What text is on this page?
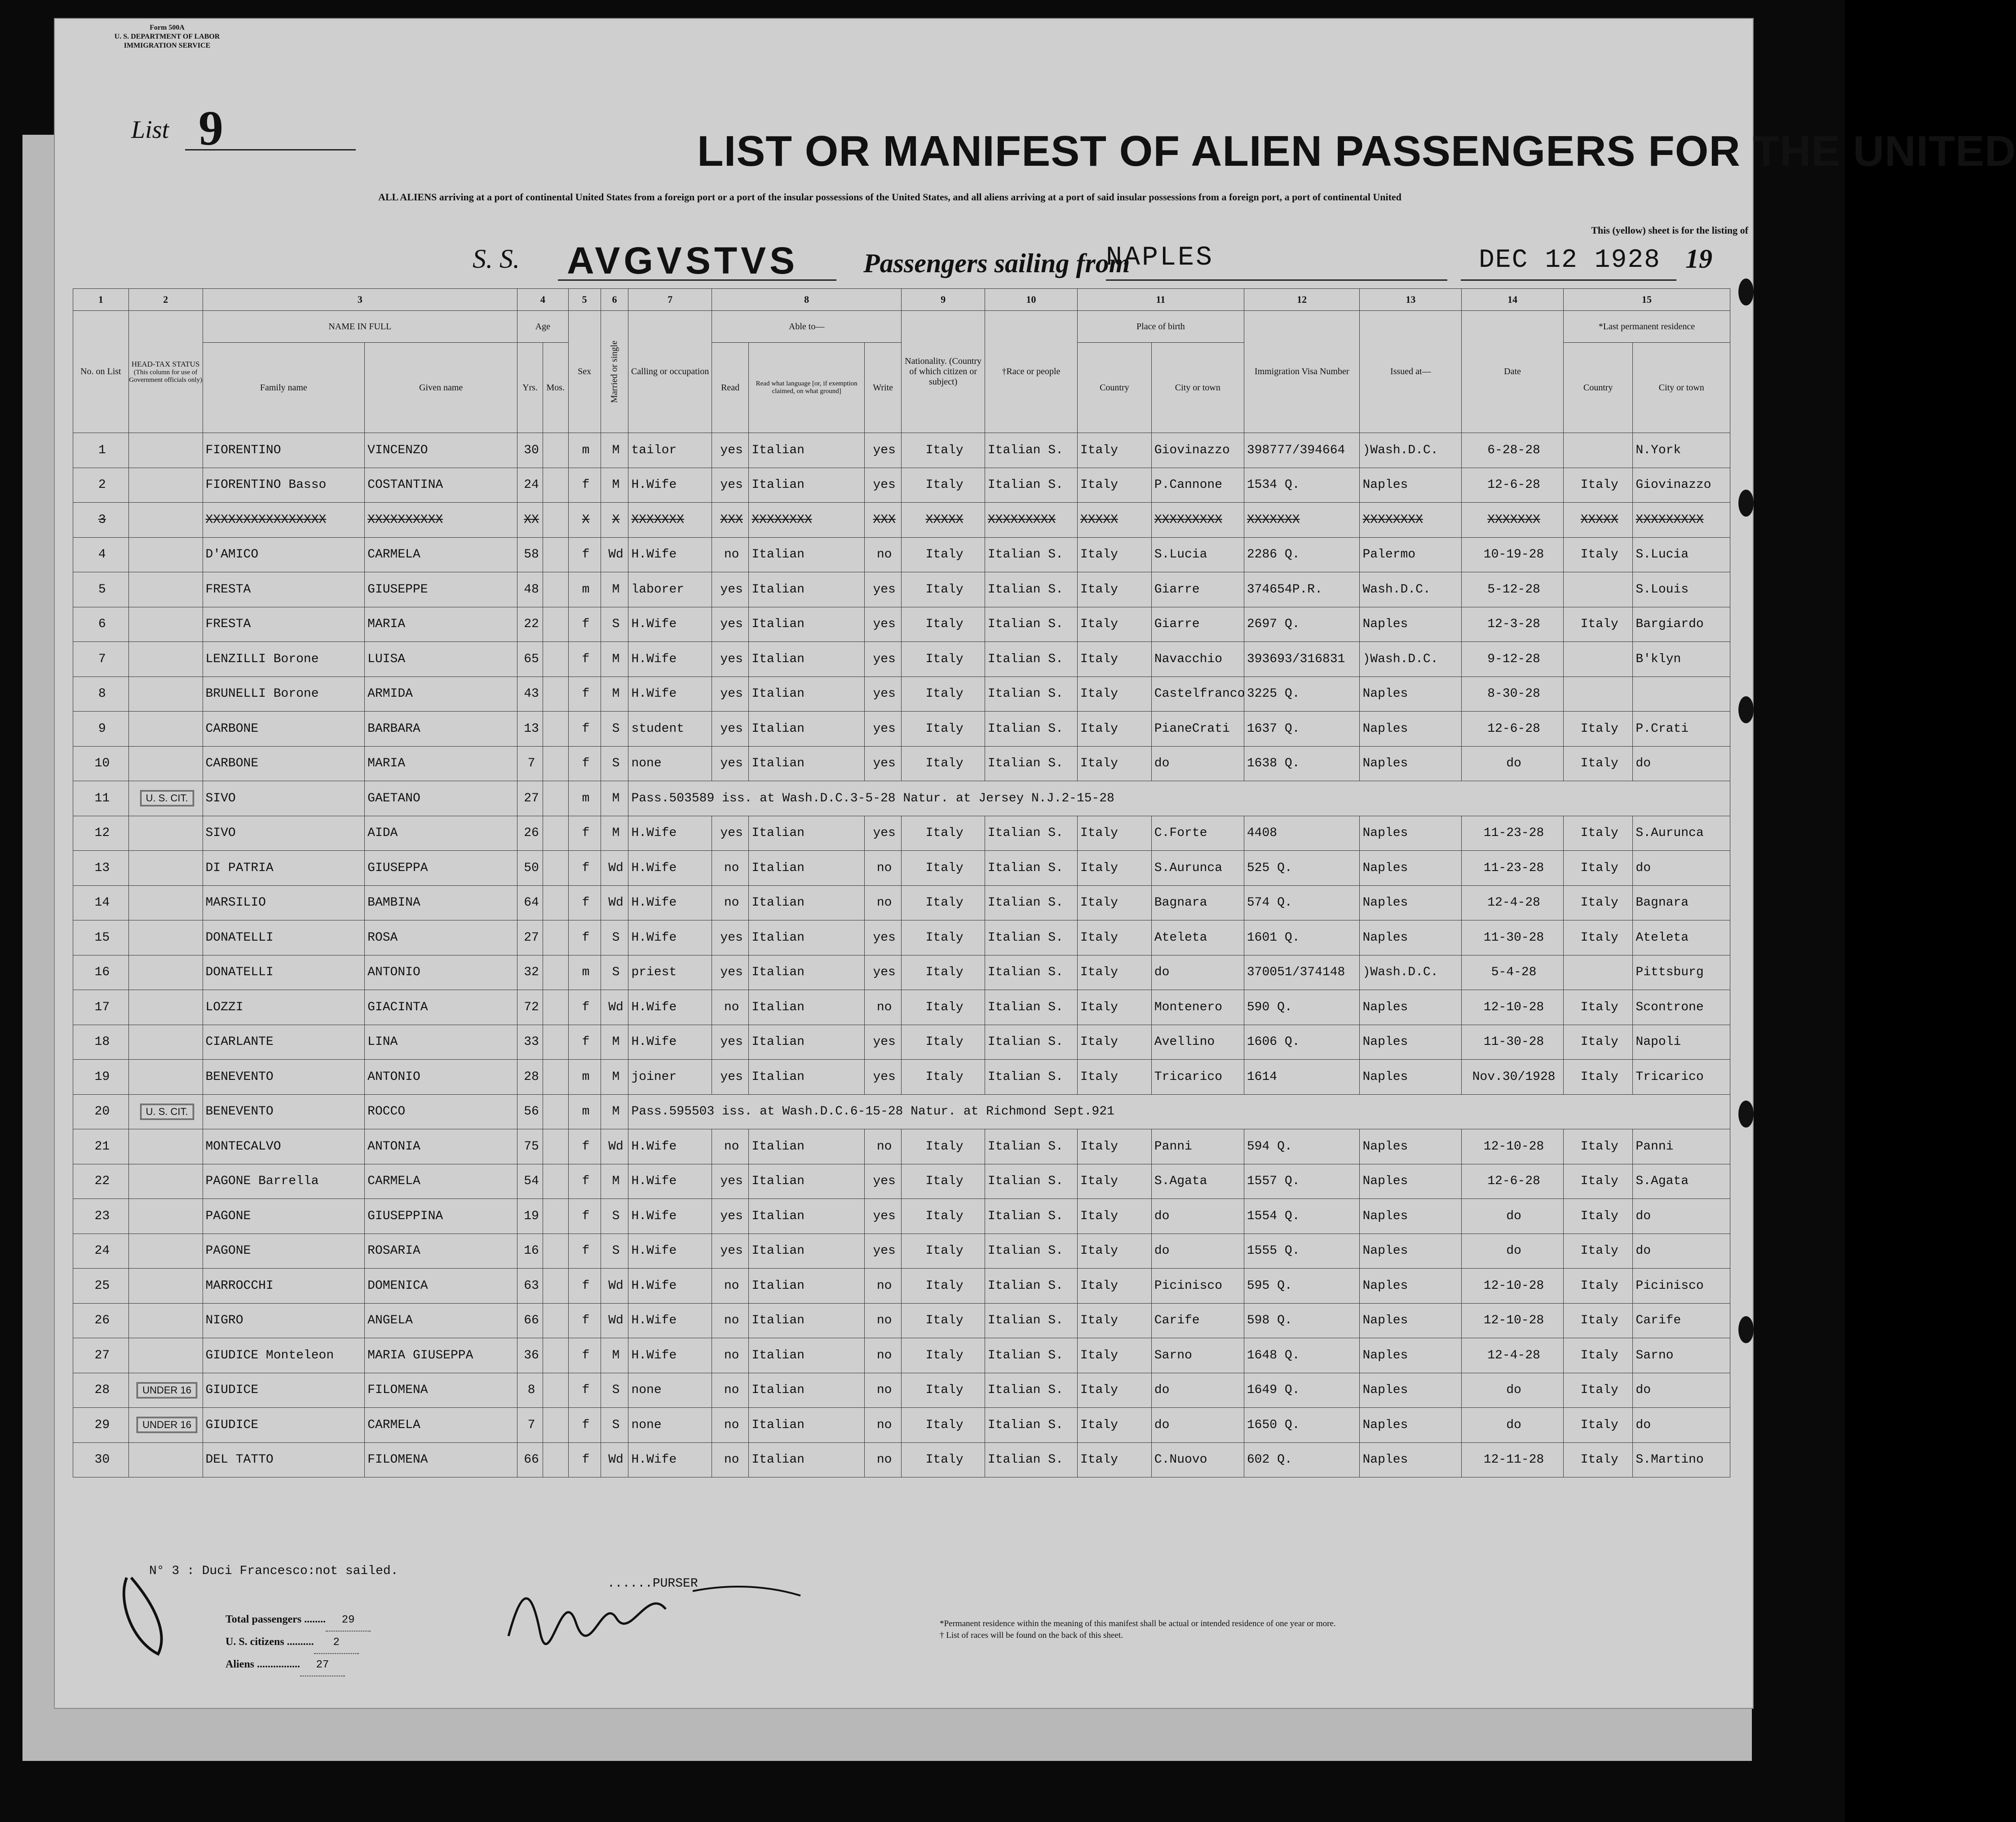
Form 500A
U. S. DEPARTMENT OF LABOR
IMMIGRATION SERVICE
List 9	LIST OR MANIFEST OF ALIEN PASSENGERS FOR THE UNITED
ALL ALIENS arriving at a port of continental United States from a foreign port or a port of the insular possessions of the United States, and all aliens arriving at a port of said insular possessions from a foreign port, a port of continental United
This (yellow) sheet is for the listing of
S. S. AVGVSTVS Passengers sailing from
NAPLES	DEC 12 1928 19
1	2	3		4		5	6	7	8			9	10	11		12	13	14	15	
No. on List	HEAD-TAX STATUS
(This column for use of Government officials only)	NAME IN FULL		Age		Sex	Married or single	Calling or occupation	Able to—			Nationality. (Country of which citizen or subject)	†Race or people	Place of birth		Immigration Visa Number	Issued at—	Date	*Last permanent residence	
		Family name	Given name	Yrs.	Mos.				Read	Read what language [or, if exemption claimed, on what ground]	Write			Country	City or town				Country	City or town
1		FIORENTINO	VINCENZO	30		m	M	tailor	yes	Italian	yes	Italy	Italian S.	Italy	Giovinazzo	398777/394664	)Wash.D.C.	6-28-28		N.York
2		FIORENTINO Basso	COSTANTINA	24		f	M	H.Wife	yes	Italian	yes	Italy	Italian S.	Italy	P.Cannone	1534 Q.	Naples	12-6-28	Italy	Giovinazzo
3		XXXXXXXXXXXXXXXX	XXXXXXXXXX	XX		X	X	XXXXXXX	XXX	XXXXXXXX	XXX	XXXXX	XXXXXXXXX	XXXXX	XXXXXXXXX	XXXXXXX	XXXXXXXX	XXXXXXX	XXXXX	XXXXXXXXX
4		D'AMICO	CARMELA	58		f	Wd	H.Wife	no	Italian	no	Italy	Italian S.	Italy	S.Lucia	2286 Q.	Palermo	10-19-28	Italy	S.Lucia
5		FRESTA	GIUSEPPE	48		m	M	laborer	yes	Italian	yes	Italy	Italian S.	Italy	Giarre	374654P.R.	Wash.D.C.	5-12-28		S.Louis
6		FRESTA	MARIA	22		f	S	H.Wife	yes	Italian	yes	Italy	Italian S.	Italy	Giarre	2697 Q.	Naples	12-3-28	Italy	Bargiardo
7		LENZILLI Borone	LUISA	65		f	M	H.Wife	yes	Italian	yes	Italy	Italian S.	Italy	Navacchio	393693/316831	)Wash.D.C.	9-12-28		B'klyn
8		BRUNELLI Borone	ARMIDA	43		f	M	H.Wife	yes	Italian	yes	Italy	Italian S.	Italy	Castelfranco	3225 Q.	Naples	8-30-28		
9		CARBONE	BARBARA	13		f	S	student	yes	Italian	yes	Italy	Italian S.	Italy	PianeCrati	1637 Q.	Naples	12-6-28	Italy	P.Crati
10		CARBONE	MARIA	7		f	S	none	yes	Italian	yes	Italy	Italian S.	Italy	do	1638 Q.	Naples	do	Italy	do
11	U. S. CIT.	SIVO	GAETANO	27		m	M	Pass.503589 iss. at Wash.D.C.3-5-28 Natur. at Jersey N.J.2-15-28												
12		SIVO	AIDA	26		f	M	H.Wife	yes	Italian	yes	Italy	Italian S.	Italy	C.Forte	4408	Naples	11-23-28	Italy	S.Aurunca
13		DI PATRIA	GIUSEPPA	50		f	Wd	H.Wife	no	Italian	no	Italy	Italian S.	Italy	S.Aurunca	525 Q.	Naples	11-23-28	Italy	do
14		MARSILIO	BAMBINA	64		f	Wd	H.Wife	no	Italian	no	Italy	Italian S.	Italy	Bagnara	574 Q.	Naples	12-4-28	Italy	Bagnara
15		DONATELLI	ROSA	27		f	S	H.Wife	yes	Italian	yes	Italy	Italian S.	Italy	Ateleta	1601 Q.	Naples	11-30-28	Italy	Ateleta
16		DONATELLI	ANTONIO	32		m	S	priest	yes	Italian	yes	Italy	Italian S.	Italy	do	370051/374148	)Wash.D.C.	5-4-28		Pittsburg
17		LOZZI	GIACINTA	72		f	Wd	H.Wife	no	Italian	no	Italy	Italian S.	Italy	Montenero	590 Q.	Naples	12-10-28	Italy	Scontrone
18		CIARLANTE	LINA	33		f	M	H.Wife	yes	Italian	yes	Italy	Italian S.	Italy	Avellino	1606 Q.	Naples	11-30-28	Italy	Napoli
19		BENEVENTO	ANTONIO	28		m	M	joiner	yes	Italian	yes	Italy	Italian S.	Italy	Tricarico	1614	Naples	Nov.30/1928	Italy	Tricarico
20	U. S. CIT.	BENEVENTO	ROCCO	56		m	M	Pass.595503 iss. at Wash.D.C.6-15-28 Natur. at Richmond Sept.921												
21		MONTECALVO	ANTONIA	75		f	Wd	H.Wife	no	Italian	no	Italy	Italian S.	Italy	Panni	594 Q.	Naples	12-10-28	Italy	Panni
22		PAGONE Barrella	CARMELA	54		f	M	H.Wife	yes	Italian	yes	Italy	Italian S.	Italy	S.Agata	1557 Q.	Naples	12-6-28	Italy	S.Agata
23		PAGONE	GIUSEPPINA	19		f	S	H.Wife	yes	Italian	yes	Italy	Italian S.	Italy	do	1554 Q.	Naples	do	Italy	do
24		PAGONE	ROSARIA	16		f	S	H.Wife	yes	Italian	yes	Italy	Italian S.	Italy	do	1555 Q.	Naples	do	Italy	do
25		MARROCCHI	DOMENICA	63		f	Wd	H.Wife	no	Italian	no	Italy	Italian S.	Italy	Picinisco	595 Q.	Naples	12-10-28	Italy	Picinisco
26		NIGRO	ANGELA	66		f	Wd	H.Wife	no	Italian	no	Italy	Italian S.	Italy	Carife	598 Q.	Naples	12-10-28	Italy	Carife
27		GIUDICE Monteleon	MARIA GIUSEPPA	36		f	M	H.Wife	no	Italian	no	Italy	Italian S.	Italy	Sarno	1648 Q.	Naples	12-4-28	Italy	Sarno
28	UNDER 16	GIUDICE	FILOMENA	8		f	S	none	no	Italian	no	Italy	Italian S.	Italy	do	1649 Q.	Naples	do	Italy	do
29	UNDER 16	GIUDICE	CARMELA	7		f	S	none	no	Italian	no	Italy	Italian S.	Italy	do	1650 Q.	Naples	do	Italy	do
30		DEL TATTO	FILOMENA	66		f	Wd	H.Wife	no	Italian	no	Italy	Italian S.	Italy	C.Nuovo	602 Q.	Naples	12-11-28	Italy	S.Martino
N° 3 : Duci Francesco:not sailed.
......PURSER
Total passengers ........ 29
U. S. citizens .......... 2
Aliens ................ 27
*Permanent residence within the meaning of this manifest shall be actual or intended residence of one year or more.
† List of races will be found on the back of this sheet.
